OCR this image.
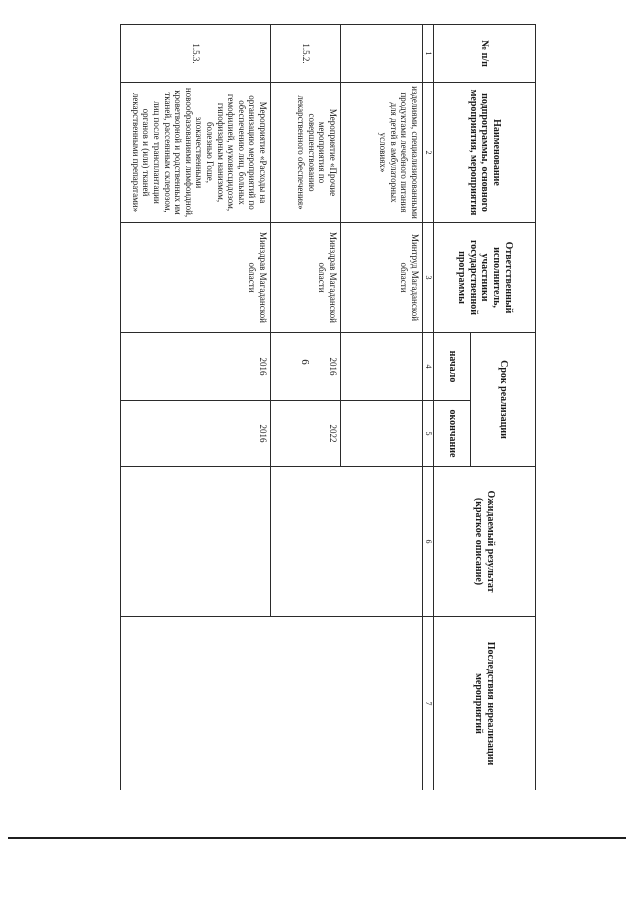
6
№ п/п	Наименование подпрограммы, основного мероприятия, мероприятия	Ответственный исполнитель, участники государственной программы	Срок реализации		Ожидаемый результат (краткое описание)	Последствия нереализации мероприятий
			начало	окончание		
1	2	3	4	5	6	7
	изделиями, специализированными продуктами лечебного питания для детей в амбулаторных условиях»	Минтруд Магаданской области				
1.5.2.	Мероприятие «Прочие мероприятия по совершенствованию лекарственного обеспечения»	Минздрав Магаданской области	2016	2022		
1.5.3.	Мероприятие «Расходы на организацию мероприятий по обеспечению лиц, больных гемофилией, муковисцидозом, гипофизарным нанизмом, болезнью Гоше, злокачественными новообразованиями лимфоидной, кроветворной и родственных им тканей, рассеянным склерозом, лиц после трансплантации органов и (или) тканей лекарственными препаратами»	Минздрав Магаданской области	2016	2016		
